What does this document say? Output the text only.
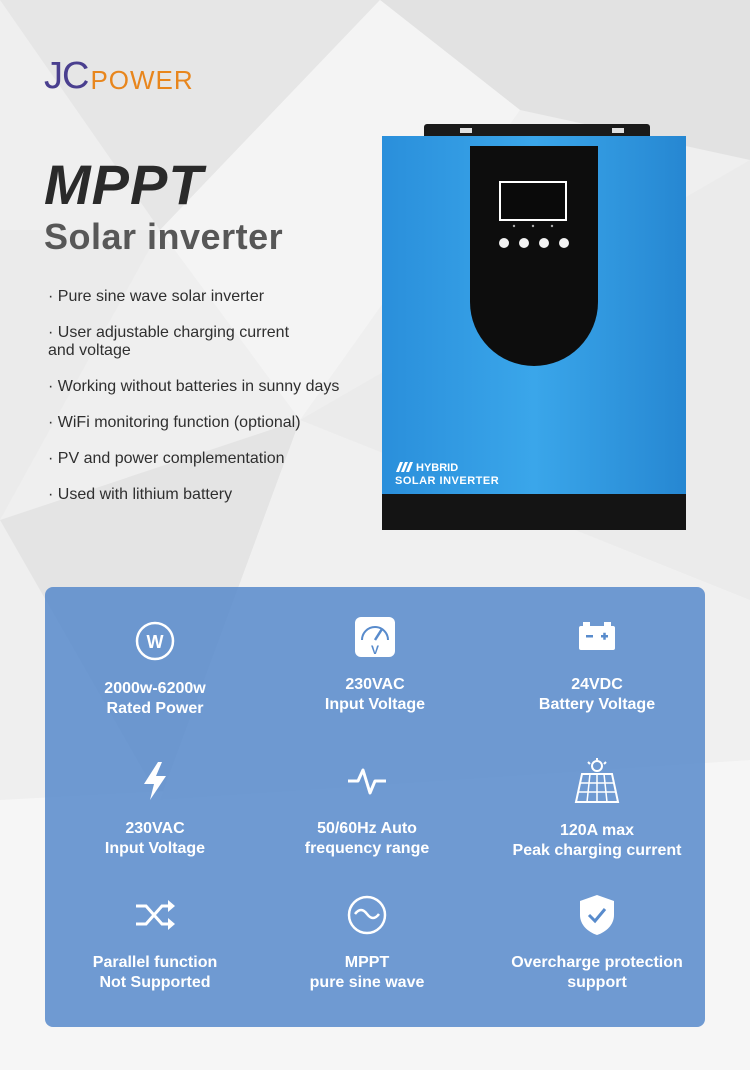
JC POWER
MPPT
Solar inverter
· Pure sine wave solar inverter
· User adjustable charging current
and voltage
· Working without batteries in sunny days
· WiFi monitoring function (optional)
· PV and power complementation
· Used with lithium battery
HYBRID
SOLAR INVERTER
W
2000w-6200w
Rated Power
V
230VAC
Input Voltage
24VDC
Battery Voltage
230VAC
Input Voltage
50/60Hz Auto
frequency range
120A max
Peak charging current
Parallel function
Not Supported
MPPT
pure sine wave
Overcharge protection
support
